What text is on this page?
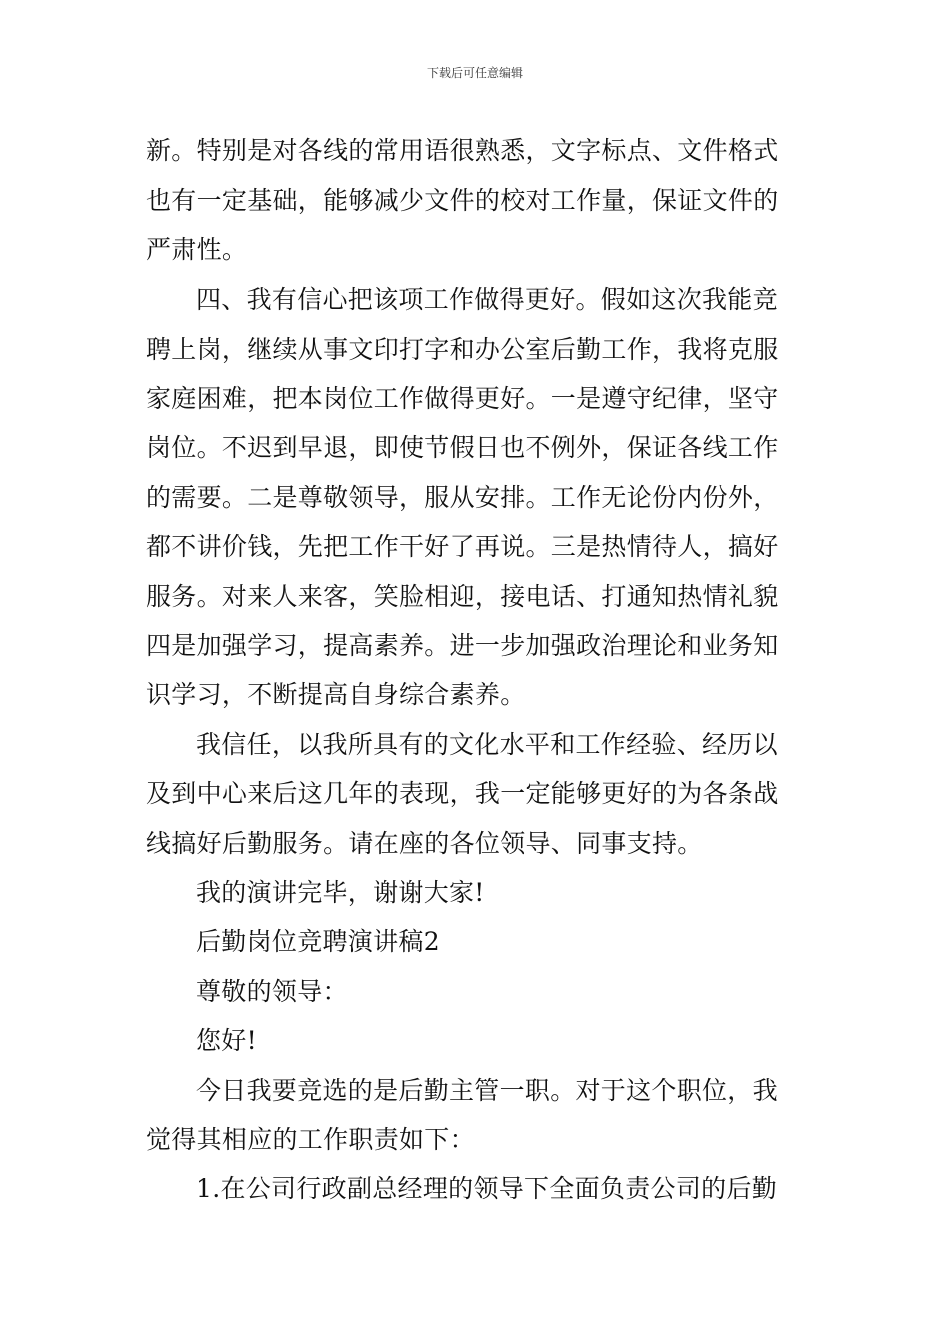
下载后可任意编辑
新。特别是对各线的常用语很熟悉，文字标点、文件格式
也有一定基础，能够减少文件的校对工作量，保证文件的
严肃性。
四、我有信心把该项工作做得更好。假如这次我能竞
聘上岗，继续从事文印打字和办公室后勤工作，我将克服
家庭困难，把本岗位工作做得更好。一是遵守纪律，坚守
岗位。不迟到早退，即使节假日也不例外，保证各线工作
的需要。二是尊敬领导，服从安排。工作无论份内份外，
都不讲价钱，先把工作干好了再说。三是热情待人，搞好
服务。对来人来客，笑脸相迎，接电话、打通知热情礼貌
四是加强学习，提高素养。进一步加强政治理论和业务知
识学习，不断提高自身综合素养。
我信任，以我所具有的文化水平和工作经验、经历以
及到中心来后这几年的表现，我一定能够更好的为各条战
线搞好后勤服务。请在座的各位领导、同事支持。
我的演讲完毕，谢谢大家!
后勤岗位竞聘演讲稿2
尊敬的领导：
您好!
今日我要竞选的是后勤主管一职。对于这个职位，我
觉得其相应的工作职责如下：
1.在公司行政副总经理的领导下全面负责公司的后勤
